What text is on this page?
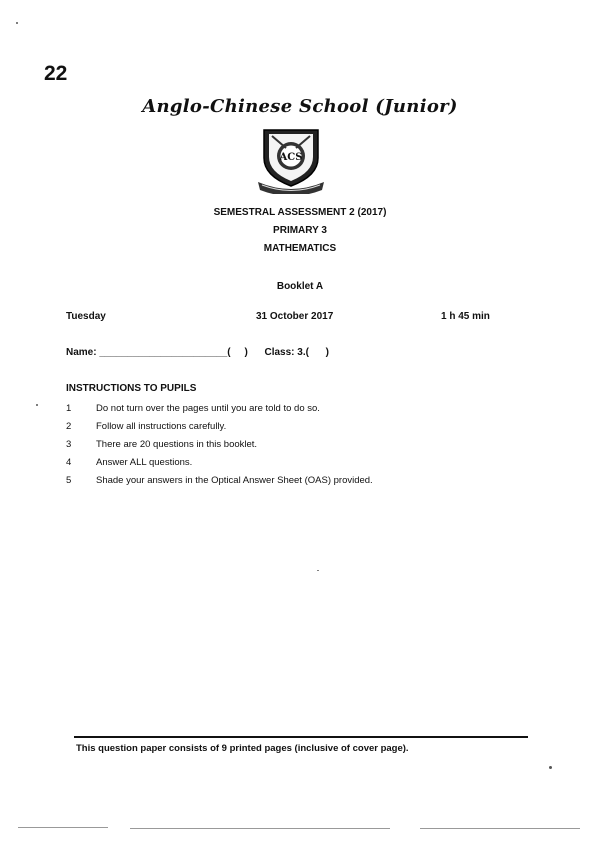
22
Anglo-Chinese School (Junior)
ACS
SEMESTRAL ASSESSMENT 2 (2017)
PRIMARY 3
MATHEMATICS
Booklet A
Tuesday	31 October 2017	1 h 45 min
Name: _______________________(     )      Class: 3.(      )
INSTRUCTIONS TO PUPILS
1	Do not turn over the pages until you are told to do so.
2	Follow all instructions carefully.
3	There are 20 questions in this booklet.
4	Answer ALL questions.
5	Shade your answers in the Optical Answer Sheet (OAS) provided.
This question paper consists of 9 printed pages (inclusive of cover page).
